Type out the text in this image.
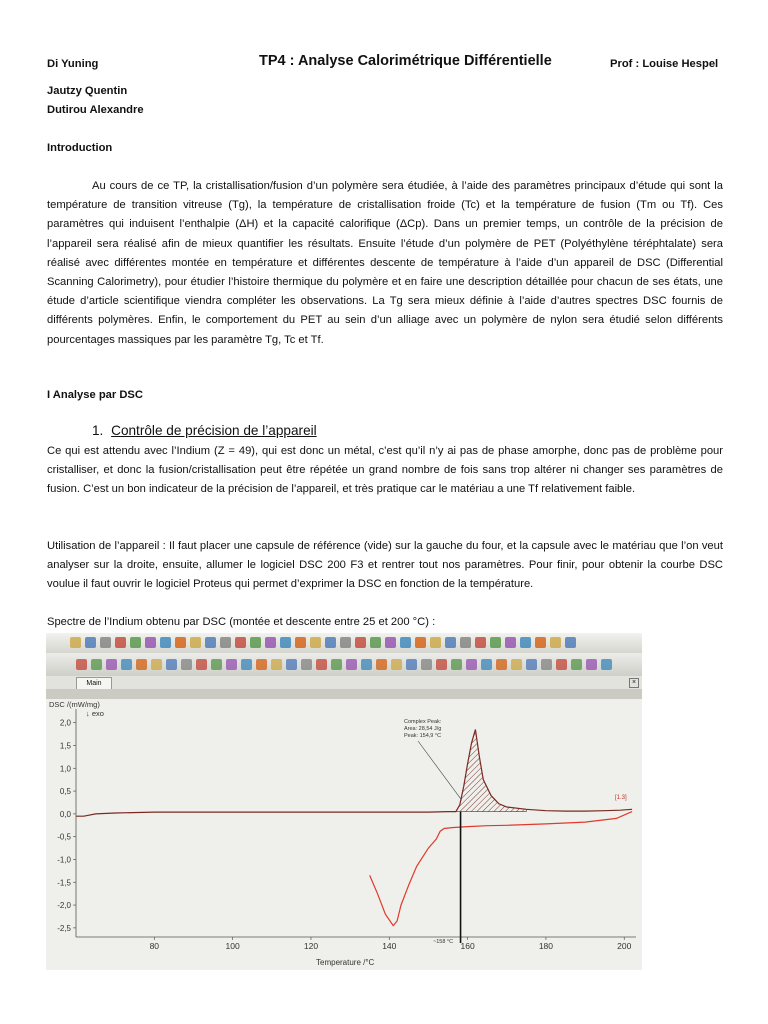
Di Yuning	TP4 : Analyse Calorimétrique Différentielle	Prof : Louise Hespel
Jautzy Quentin
Dutirou Alexandre
Introduction

Au cours de ce TP, la cristallisation/fusion d’un polymère sera étudiée, à l’aide des paramètres principaux d’étude qui sont la température de transition vitreuse (Tg), la température de cristallisation froide (Tc) et la température de fusion (Tm ou Tf). Ces paramètres qui induisent l’enthalpie (ΔH) et la capacité calorifique (ΔCp). Dans un premier temps, un contrôle de la précision de l’appareil sera réalisé afin de mieux quantifier les résultats. Ensuite l’étude d’un polymère de PET (Polyéthylène téréphtalate) sera réalisé avec différentes montée en température et différentes descente de température à l’aide d’un appareil de DSC (Differential Scanning Calorimetry), pour étudier l’histoire thermique du polymère et en faire une description détaillée pour chacun de ses états, une étude d’article scientifique viendra compléter les observations. La Tg sera mieux définie à l’aide d’autres spectres DSC fournis de différents polymères. Enfin, le comportement du PET au sein d’un alliage avec un polymère de nylon sera étudié selon différents pourcentages massiques par les paramètre Tg, Tc et Tf.

I Analyse par DSC
1. Contrôle de précision de l’appareil

Ce qui est attendu avec l’Indium (Z = 49), qui est donc un métal, c’est qu’il n’y ai pas de phase amorphe, donc pas de problème pour cristalliser, et donc la fusion/cristallisation peut être répétée un grand nombre de fois sans trop altérer ni changer ses paramètres de fusion. C’est un bon indicateur de la précision de l’appareil, et très pratique car le matériau a une Tf relativement faible.

Utilisation de l’appareil : Il faut placer une capsule de référence (vide) sur la gauche du four, et la capsule avec le matériau que l’on veut analyser sur la droite, ensuite, allumer le logiciel DSC 200 F3 et rentrer tout nos paramètres. Pour finir, pour obtenir la courbe DSC voulue il faut ouvrir le logiciel Proteus qui permet d’exprimer la DSC en fonction de la température.

Spectre de l’Indium obtenu par DSC (montée et descente entre 25 et 200 °C) :
Main	×
2,0
1,5
1,0
0,5
0,0
-0,5
-1,0
-1,5
-2,0
-2,5
80	100	120	140	160	180	200
DSC /(mW/mg)
↓ exo
Temperature /°C
Complex Peak:
Area: 28,54 J/g
Peak: 154,9 °C
~158 °C
[1.3]
